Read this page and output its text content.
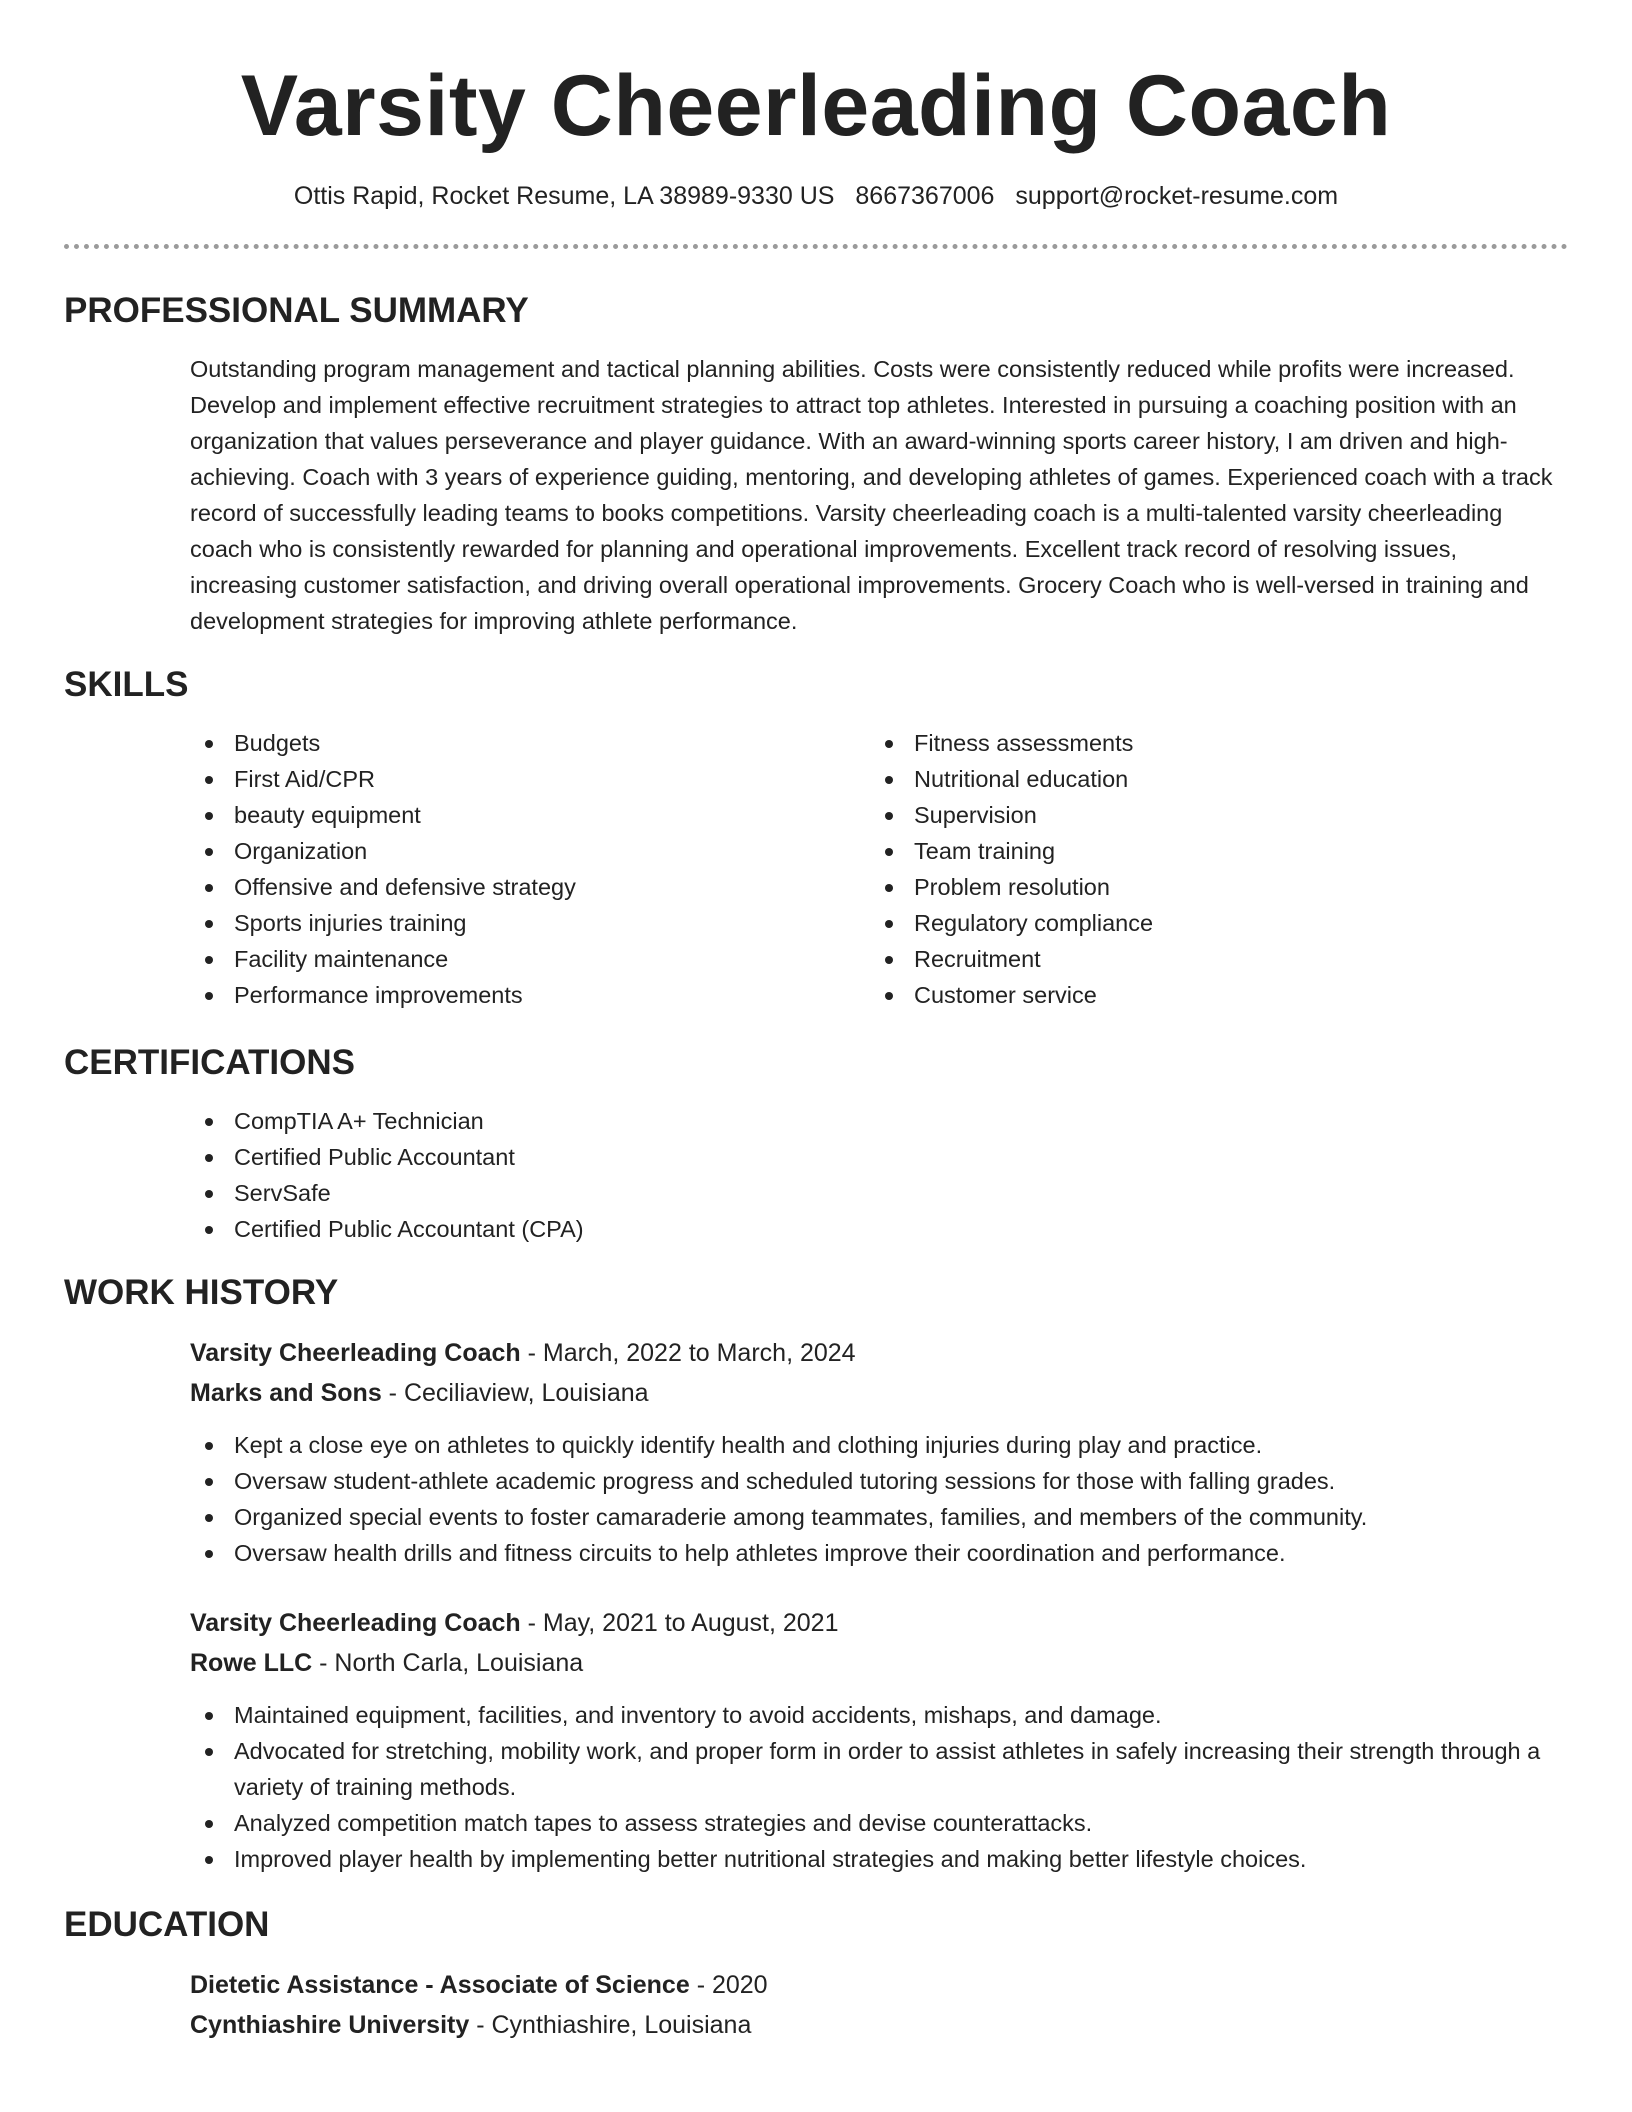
Varsity Cheerleading Coach
Ottis Rapid, Rocket Resume, LA 38989-9330 US 8667367006 support@rocket-resume.com
PROFESSIONAL SUMMARY
Outstanding program management and tactical planning abilities. Costs were consistently reduced while profits were increased. Develop and implement effective recruitment strategies to attract top athletes. Interested in pursuing a coaching position with an organization that values perseverance and player guidance. With an award-winning sports career history, I am driven and high-achieving. Coach with 3 years of experience guiding, mentoring, and developing athletes of games. Experienced coach with a track record of successfully leading teams to books competitions. Varsity cheerleading coach is a multi-talented varsity cheerleading coach who is consistently rewarded for planning and operational improvements. Excellent track record of resolving issues, increasing customer satisfaction, and driving overall operational improvements. Grocery Coach who is well-versed in training and development strategies for improving athlete performance.
SKILLS
Budgets
First Aid/CPR
beauty equipment
Organization
Offensive and defensive strategy
Sports injuries training
Facility maintenance
Performance improvements
Fitness assessments
Nutritional education
Supervision
Team training
Problem resolution
Regulatory compliance
Recruitment
Customer service
CERTIFICATIONS
CompTIA A+ Technician
Certified Public Accountant
ServSafe
Certified Public Accountant (CPA)
WORK HISTORY
Varsity Cheerleading Coach - March, 2022 to March, 2024
Marks and Sons - Ceciliaview, Louisiana
Kept a close eye on athletes to quickly identify health and clothing injuries during play and practice.
Oversaw student-athlete academic progress and scheduled tutoring sessions for those with falling grades.
Organized special events to foster camaraderie among teammates, families, and members of the community.
Oversaw health drills and fitness circuits to help athletes improve their coordination and performance.
Varsity Cheerleading Coach - May, 2021 to August, 2021
Rowe LLC - North Carla, Louisiana
Maintained equipment, facilities, and inventory to avoid accidents, mishaps, and damage.
Advocated for stretching, mobility work, and proper form in order to assist athletes in safely increasing their strength through a variety of training methods.
Analyzed competition match tapes to assess strategies and devise counterattacks.
Improved player health by implementing better nutritional strategies and making better lifestyle choices.
EDUCATION
Dietetic Assistance - Associate of Science - 2020
Cynthiashire University - Cynthiashire, Louisiana
